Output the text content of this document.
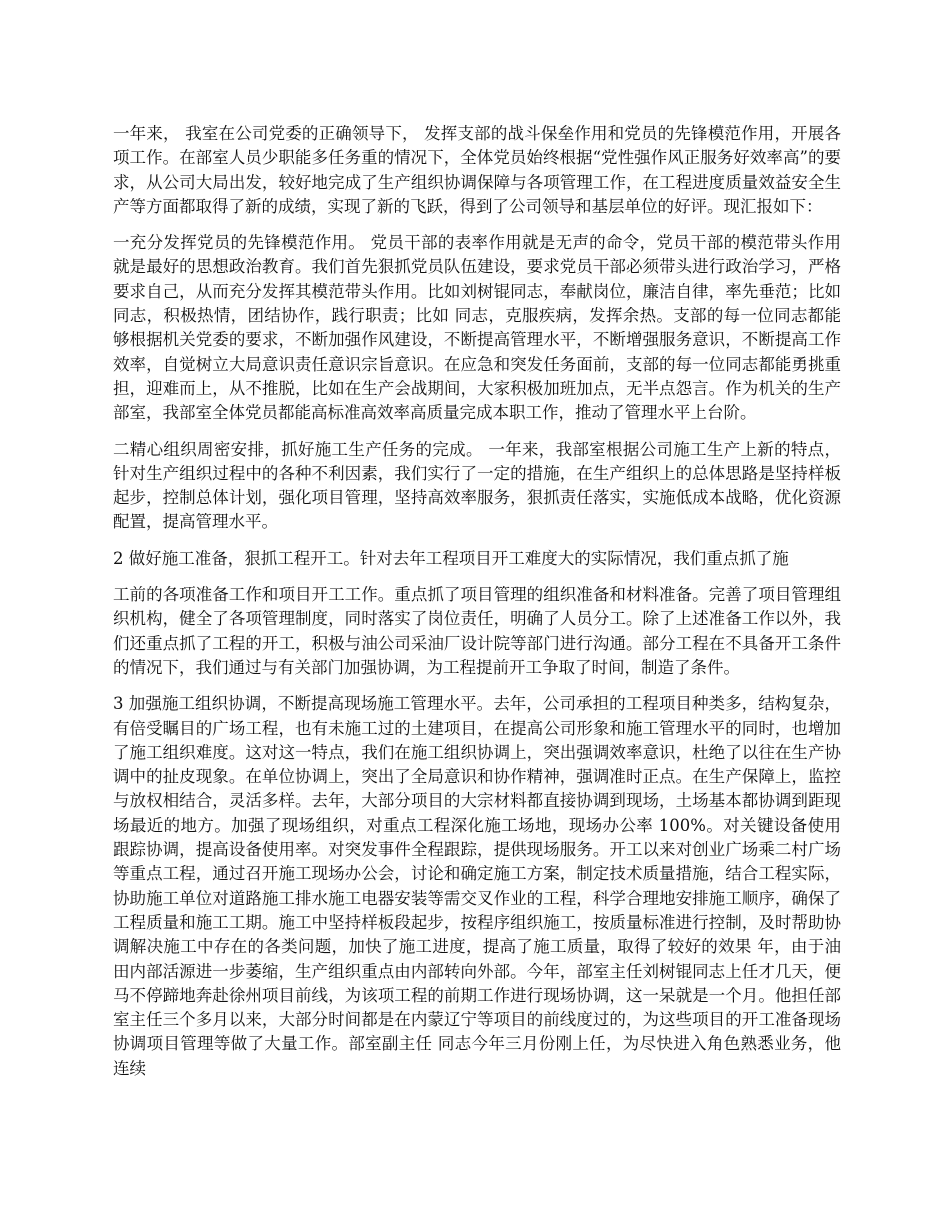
一年来， 我室在公司党委的正确领导下， 发挥支部的战斗保垒作用和党员的先锋模范作用，开展各项工作。在部室人员少职能多任务重的情况下，全体党员始终根据“党性强作风正服务好效率高”的要求，从公司大局出发，较好地完成了生产组织协调保障与各项管理工作，在工程进度质量效益安全生产等方面都取得了新的成绩，实现了新的飞跃，得到了公司领导和基层单位的好评。现汇报如下：

一充分发挥党员的先锋模范作用。 党员干部的表率作用就是无声的命令，党员干部的模范带头作用就是最好的思想政治教育。我们首先狠抓党员队伍建设，要求党员干部必须带头进行政治学习，严格要求自己，从而充分发挥其模范带头作用。比如刘树锟同志，奉献岗位，廉洁自律，率先垂范；比如 同志，积极热情，团结协作，践行职责；比如 同志，克服疾病，发挥余热。支部的每一位同志都能够根据机关党委的要求，不断加强作风建设，不断提高管理水平，不断增强服务意识，不断提高工作效率，自觉树立大局意识责任意识宗旨意识。在应急和突发任务面前，支部的每一位同志都能勇挑重担，迎难而上，从不推脱，比如在生产会战期间，大家积极加班加点，无半点怨言。作为机关的生产部室，我部室全体党员都能高标准高效率高质量完成本职工作，推动了管理水平上台阶。

二精心组织周密安排，抓好施工生产任务的完成。 一年来，我部室根据公司施工生产上新的特点，针对生产组织过程中的各种不利因素，我们实行了一定的措施，在生产组织上的总体思路是坚持样板起步，控制总体计划，强化项目管理，坚持高效率服务，狠抓责任落实，实施低成本战略，优化资源配置，提高管理水平。

2 做好施工准备，狠抓工程开工。针对去年工程项目开工难度大的实际情况，我们重点抓了施

工前的各项准备工作和项目开工工作。重点抓了项目管理的组织准备和材料准备。完善了项目管理组织机构，健全了各项管理制度，同时落实了岗位责任，明确了人员分工。除了上述准备工作以外，我们还重点抓了工程的开工，积极与油公司采油厂设计院等部门进行沟通。部分工程在不具备开工条件的情况下，我们通过与有关部门加强协调，为工程提前开工争取了时间，制造了条件。

3 加强施工组织协调，不断提高现场施工管理水平。去年，公司承担的工程项目种类多，结构复杂，有倍受瞩目的广场工程，也有未施工过的土建项目，在提高公司形象和施工管理水平的同时，也增加了施工组织难度。这对这一特点，我们在施工组织协调上，突出强调效率意识，杜绝了以往在生产协调中的扯皮现象。在单位协调上，突出了全局意识和协作精神，强调准时正点。在生产保障上，监控与放权相结合，灵活多样。去年，大部分项目的大宗材料都直接协调到现场，土场基本都协调到距现场最近的地方。加强了现场组织，对重点工程深化施工场地，现场办公率 100%。对关键设备使用跟踪协调，提高设备使用率。对突发事件全程跟踪，提供现场服务。开工以来对创业广场乘二村广场等重点工程，通过召开施工现场办公会，讨论和确定施工方案，制定技术质量措施，结合工程实际，协助施工单位对道路施工排水施工电器安装等需交叉作业的工程，科学合理地安排施工顺序，确保了工程质量和施工工期。施工中坚持样板段起步，按程序组织施工，按质量标准进行控制，及时帮助协调解决施工中存在的各类问题，加快了施工进度，提高了施工质量，取得了较好的效果 年，由于油田内部活源进一步萎缩，生产组织重点由内部转向外部。今年，部室主任刘树锟同志上任才几天，便马不停蹄地奔赴徐州项目前线，为该项工程的前期工作进行现场协调，这一呆就是一个月。他担任部室主任三个多月以来，大部分时间都是在内蒙辽宁等项目的前线度过的，为这些项目的开工准备现场协调项目管理等做了大量工作。部室副主任 同志今年三月份刚上任，为尽快进入角色熟悉业务，他连续
